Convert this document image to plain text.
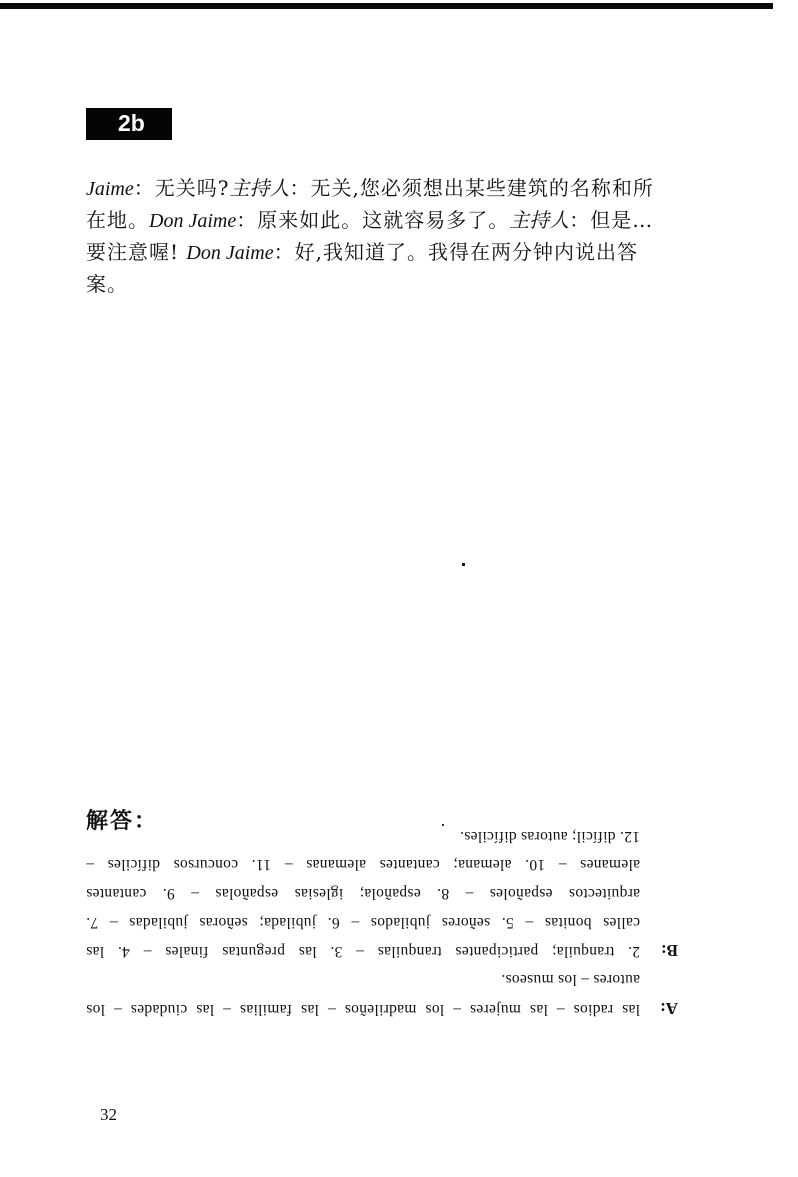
2b
Jaime：无关吗?主持人：无关,您必须想出某些建筑的名称和所
在地。Don Jaime：原来如此。这就容易多了。主持人：但是…
要注意喔! Don Jaime：好,我知道了。我得在两分钟内说出答
案。
解答：
A:
las radios – las mujeres – los madrileños – las familias – las ciudades – los
autores – los museos.
B:
2. tranquila; participantes tranquilas – 3. las preguntas finales – 4. las
calles bonitas – 5. señores jubilados – 6. jubilada; señoras jubiladas – 7.
arquitectos españoles – 8. española; iglesias españolas – 9. cantantes
alemanes – 10. alemana; cantantes alemanas – 11. concursos difíciles –
12. difícil; autoras difíciles.
32
